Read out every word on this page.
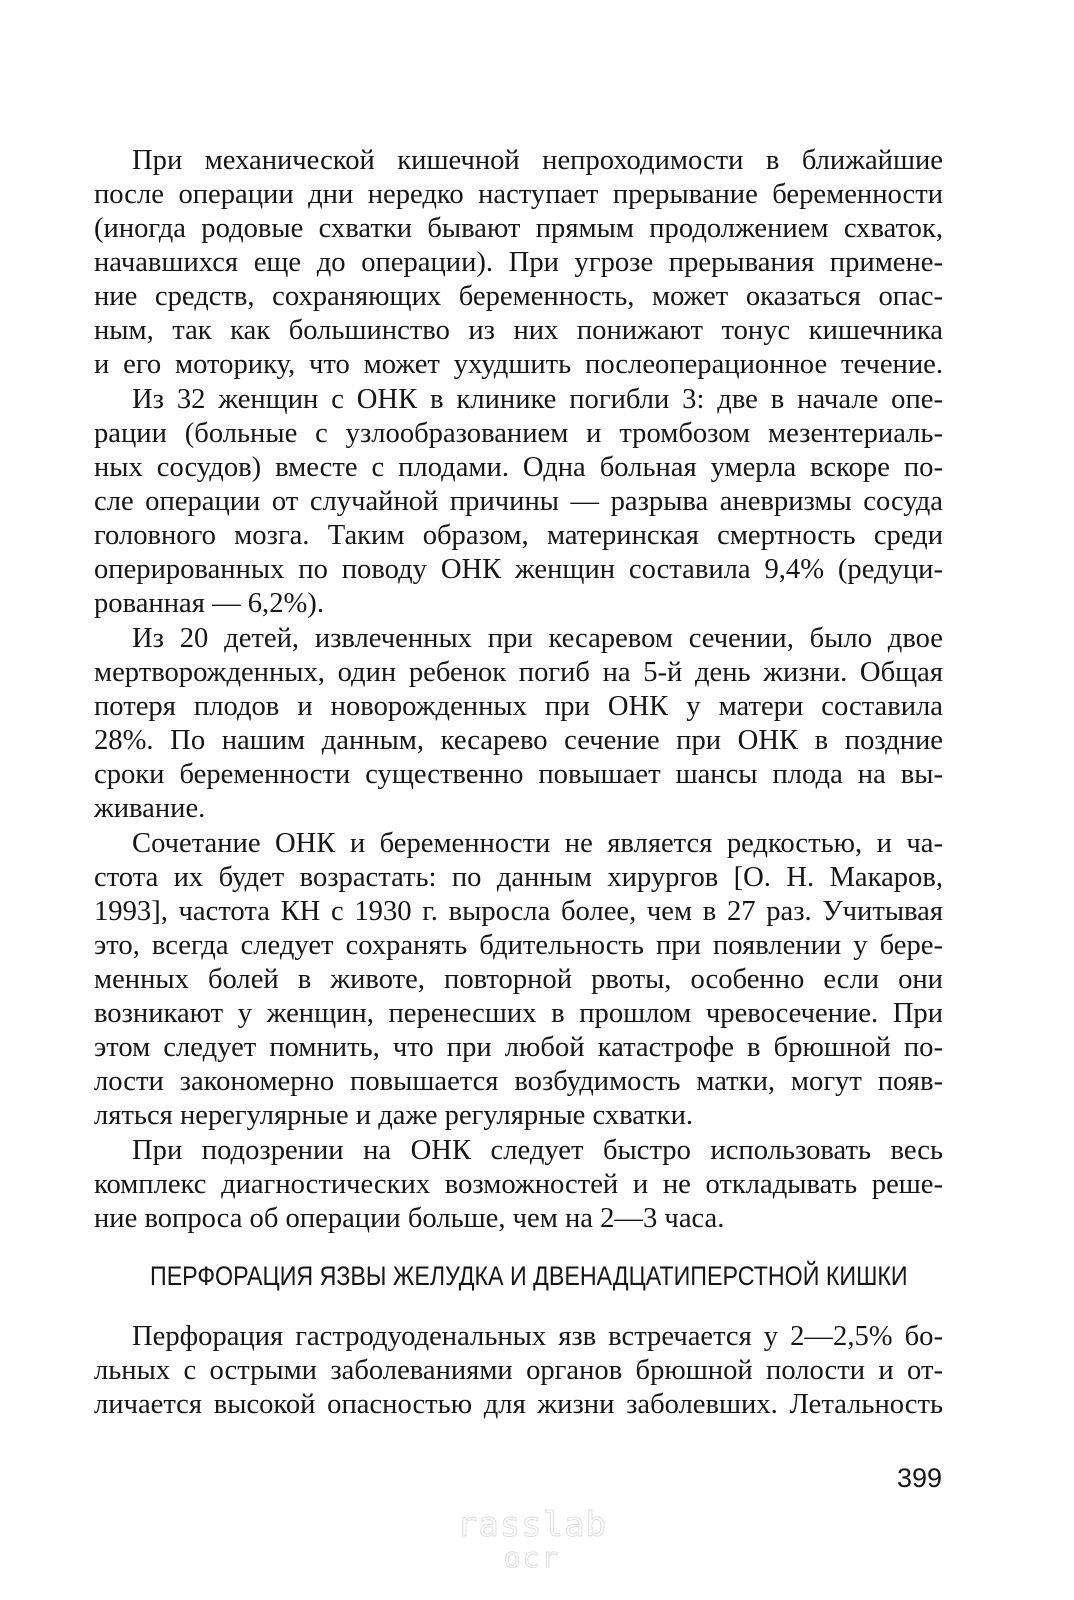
При механической кишечной непроходимости в ближайшие
после операции дни нередко наступает прерывание беременности
(иногда родовые схватки бывают прямым продолжением схваток,
начавшихся еще до операции). При угрозе прерывания примене-
ние средств, сохраняющих беременность, может оказаться опас-
ным, так как большинство из них понижают тонус кишечника
и его моторику, что может ухудшить послеоперационное течение.
Из 32 женщин с ОНК в клинике погибли 3: две в начале опе-
рации (больные с узлообразованием и тромбозом мезентериаль-
ных сосудов) вместе с плодами. Одна больная умерла вскоре по-
сле операции от случайной причины — разрыва аневризмы сосуда
головного мозга. Таким образом, материнская смертность среди
оперированных по поводу ОНК женщин составила 9,4% (редуци-
рованная — 6,2%).
Из 20 детей, извлеченных при кесаревом сечении, было двое
мертворожденных, один ребенок погиб на 5-й день жизни. Общая
потеря плодов и новорожденных при ОНК у матери составила
28%. По нашим данным, кесарево сечение при ОНК в поздние
сроки беременности существенно повышает шансы плода на вы-
живание.
Сочетание ОНК и беременности не является редкостью, и ча-
стота их будет возрастать: по данным хирургов [О. Н. Макаров,
1993], частота КН с 1930 г. выросла более, чем в 27 раз. Учитывая
это, всегда следует сохранять бдительность при появлении у бере-
менных болей в животе, повторной рвоты, особенно если они
возникают у женщин, перенесших в прошлом чревосечение. При
этом следует помнить, что при любой катастрофе в брюшной по-
лости закономерно повышается возбудимость матки, могут появ-
ляться нерегулярные и даже регулярные схватки.
При подозрении на ОНК следует быстро использовать весь
комплекс диагностических возможностей и не откладывать реше-
ние вопроса об операции больше, чем на 2—3 часа.
ПЕРФОРАЦИЯ ЯЗВЫ ЖЕЛУДКА И ДВЕНАДЦАТИПЕРСТНОЙ КИШКИ
Перфорация гастродуоденальных язв встречается у 2—2,5% бо-
льных с острыми заболеваниями органов брюшной полости и от-
личается высокой опасностью для жизни заболевших. Летальность
399
rasslab
ocr
